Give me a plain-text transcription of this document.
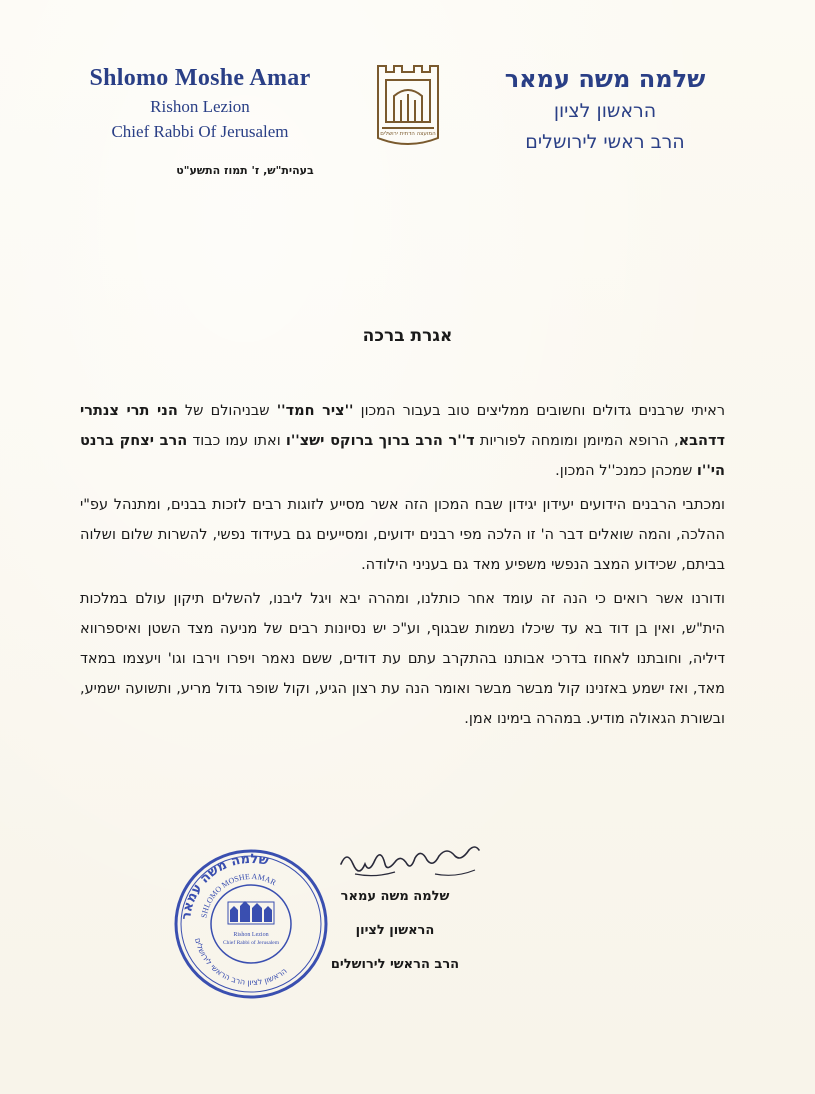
Shlomo Moshe Amar
Rishon Lezion
Chief Rabbi Of Jerusalem	המועצה הדתית ירושלים
שלמה משה עמאר
הראשון לציון
הרב ראשי לירושלים
בעהית"ש, ז' תמוז התשע"ט
אגרת ברכה

ראיתי שרבנים גדולים וחשובים ממליצים טוב בעבור המכון ''ציר חמד'' שבניהולם של הני תרי צנתרי דדהבא, הרופא המיומן ומומחה לפוריות ד''ר הרב ברוך ברוקס ישצ''ו ואתו עמו כבוד הרב יצחק ברנט הי''ו שמכהן כמנכ''ל המכון.

ומכתבי הרבנים הידועים יעידון יגידון שבח המכון הזה אשר מסייע לזוגות רבים לזכות בבנים, ומתנהל עפ"י ההלכה, והמה שואלים דבר ה' זו הלכה מפי רבנים ידועים, ומסייעים גם בעידוד נפשי, להשרות שלום ושלוה בביתם, שכידוע המצב הנפשי משפיע מאד גם בעניני הילודה.

ודורנו אשר רואים כי הנה זה עומד אחר כותלנו, ומהרה יבא ויגל ליבנו, להשלים תיקון עולם במלכות הית"ש, ואין בן דוד בא עד שיכלו נשמות שבגוף, וע"כ יש נסיונות רבים של מניעה מצד השטן ואיספרווא דיליה, וחובתנו לאחוז בדרכי אבותנו בהתקרב עתם עת דודים, ששם נאמר ויפרו וירבו וגו' ויעצמו במאד מאד, ואז ישמע באזנינו קול מבשר מבשר ואומר הנה עת רצון הגיע, וקול שופר גדול מריע, ותשועה ישמיע, ובשורת הגאולה מודיע. במהרה בימינו אמן.

שלמה משה עמאר
הראשון לציון
הרב הראשי לירושלים
שלמה משה עמאר
SHLOMO MOSHE AMAR
הראשון לציון הרב הראשי לירושלים
Rishon Lezion
Chief Rabbi of Jerusalem
